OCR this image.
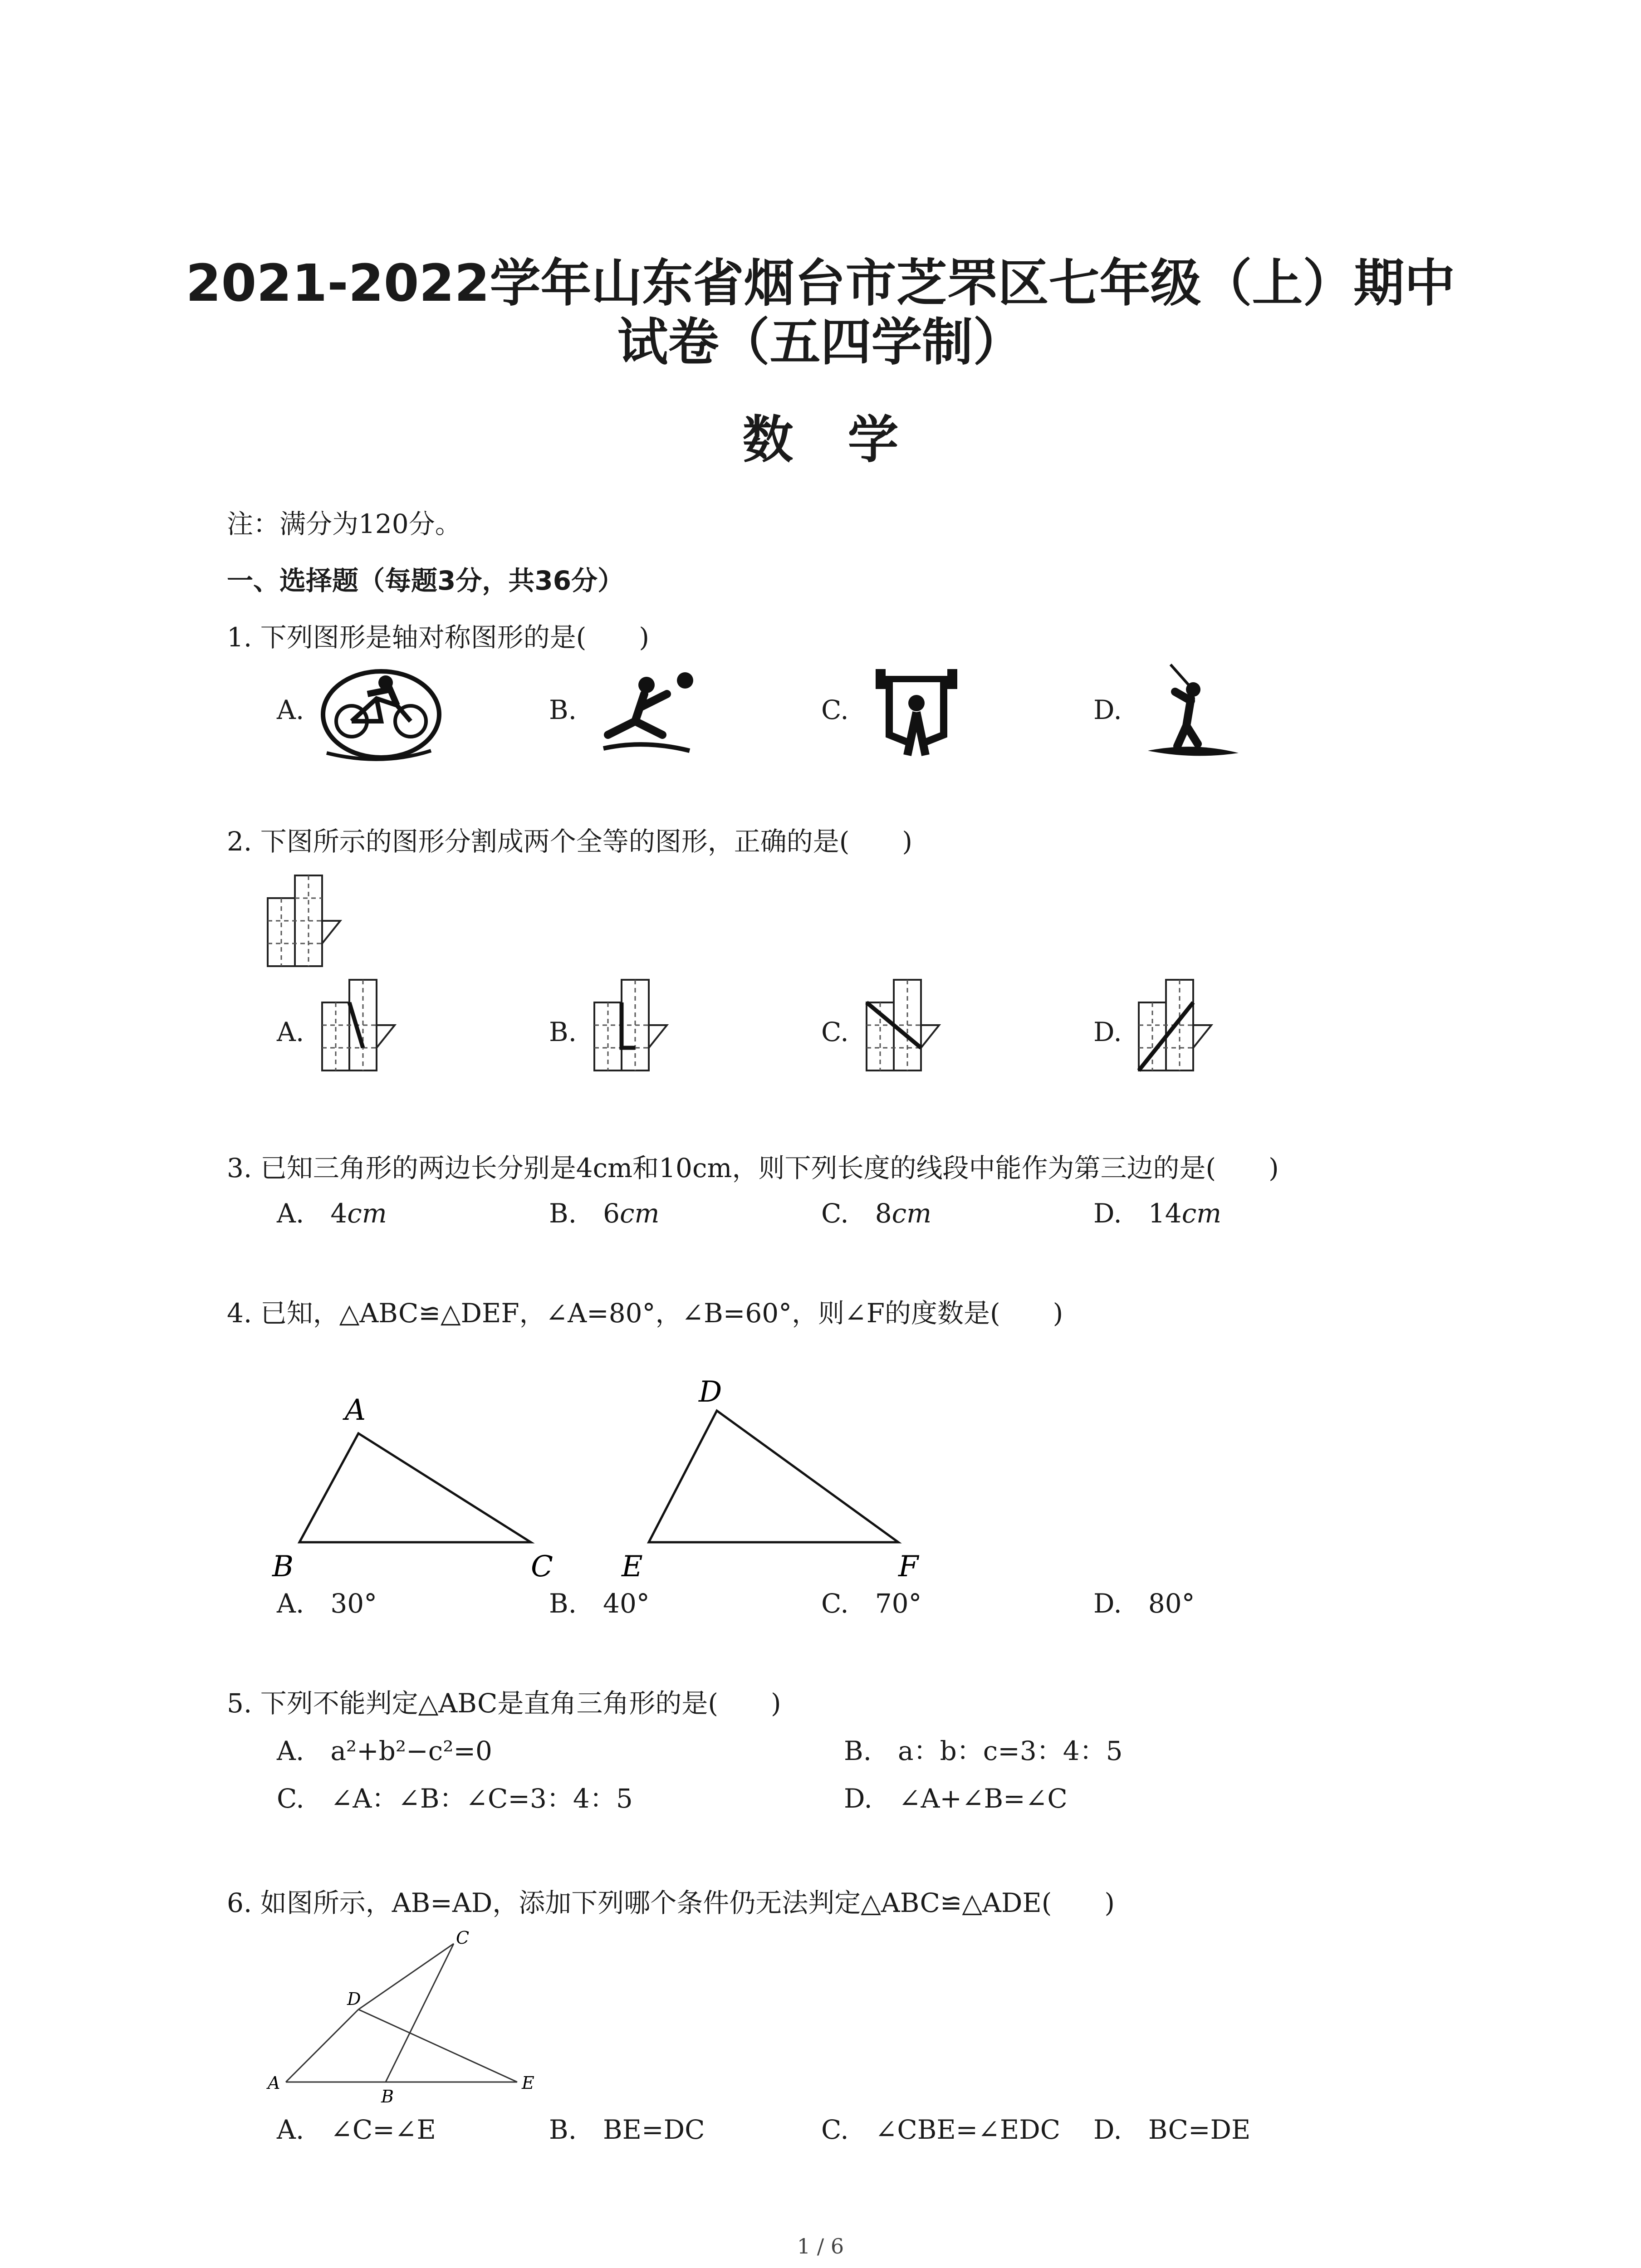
2021-2022学年山东省烟台市芝罘区七年级（上）期中
试卷（五四学制）
数学
注：满分为120分。
一、选择题（每题3分，共36分）
1. 下列图形是轴对称图形的是(　　)
A.	B.	C.	D.
2. 下图所示的图形分割成两个全等的图形，正确的是(　　)
A.	B.	C.	D.
3. 已知三角形的两边长分别是4cm和10cm，则下列长度的线段中能作为第三边的是(　　)
A.　 4cm	B.　 6cm	C.　 8cm	D.　 14cm
4. 已知，△ABC≌△DEF，∠A=80°，∠B=60°，则∠F的度数是(　　)
A
B	C
D
E	F
A.　30°	B.　40°	C.　70°	D.　80°
5. 下列不能判定△ABC是直角三角形的是(　　)
A.　a²+b²−c²=0	B.　a：b：c=3：4：5
C.　∠A：∠B：∠C=3：4：5	D.　∠A+∠B=∠C
6. 如图所示，AB=AD，添加下列哪个条件仍无法判定△ABC≌△ADE(　　)
A
B
C
D
E
A.　∠C=∠E	B.　BE=DC	C.　∠CBE=∠EDC D.　BC=DE
1 / 6
